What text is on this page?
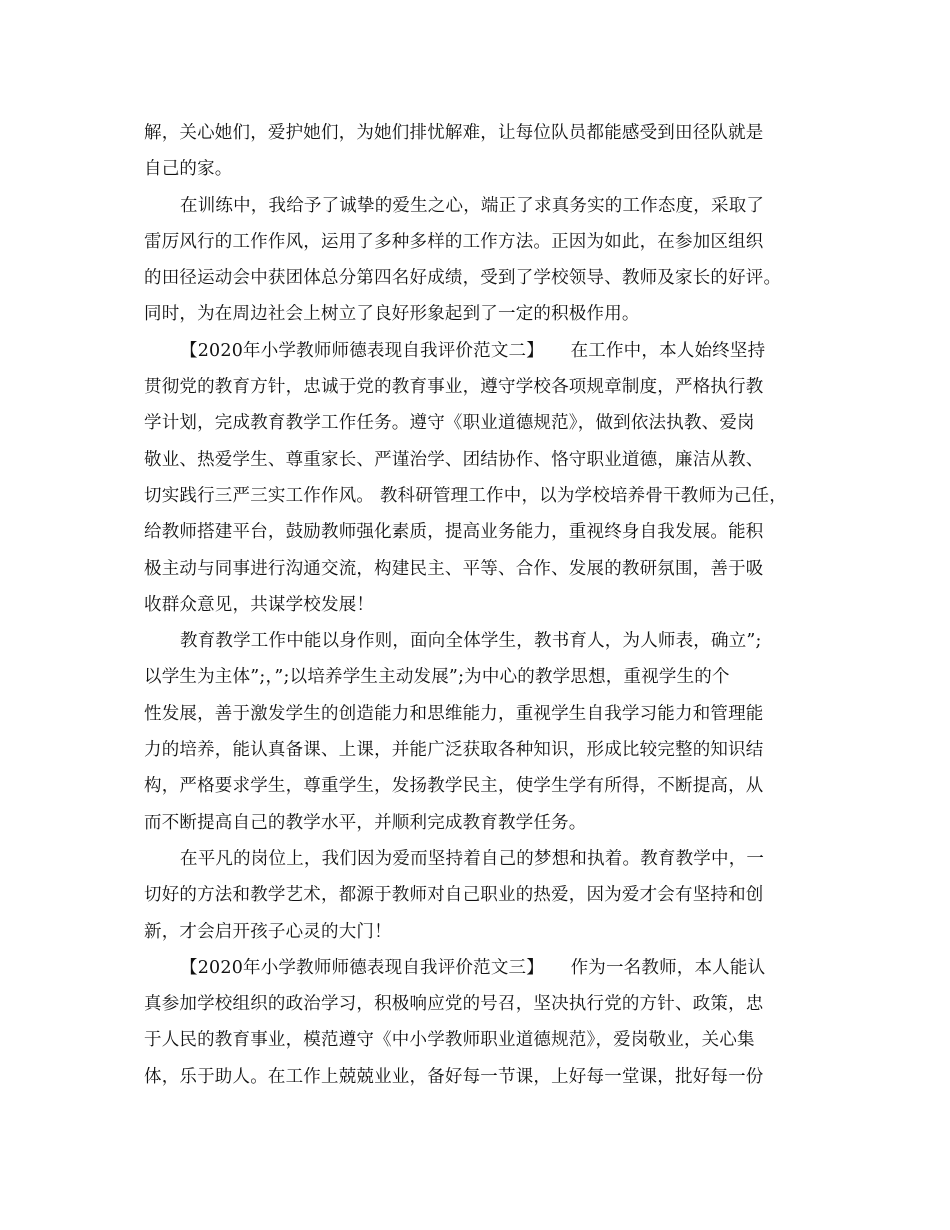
解，关心她们，爱护她们，为她们排忧解难，让每位队员都能感受到田径队就是
自己的家。
在训练中，我给予了诚挚的爱生之心，端正了求真务实的工作态度，采取了
雷厉风行的工作作风，运用了多种多样的工作方法。正因为如此，在参加区组织
的田径运动会中获团体总分第四名好成绩，受到了学校领导、教师及家长的好评。
同时，为在周边社会上树立了良好形象起到了一定的积极作用。
【2020年小学教师师德表现自我评价范文二】　　在工作中，本人始终坚持
贯彻党的教育方针，忠诚于党的教育事业，遵守学校各项规章制度，严格执行教
学计划，完成教育教学工作任务。遵守《职业道德规范》，做到依法执教、爱岗
敬业、热爱学生、尊重家长、严谨治学、团结协作、恪守职业道德，廉洁从教、
切实践行三严三实工作作风。 教科研管理工作中，以为学校培养骨干教师为己任，
给教师搭建平台，鼓励教师强化素质，提高业务能力，重视终身自我发展。能积
极主动与同事进行沟通交流，构建民主、平等、合作、发展的教研氛围，善于吸
收群众意见，共谋学校发展！
教育教学工作中能以身作则，面向全体学生，教书育人，为人师表，确立”;
以学生为主体”;，”;以培养学生主动发展”;为中心的教学思想，重视学生的个
性发展，善于激发学生的创造能力和思维能力，重视学生自我学习能力和管理能
力的培养，能认真备课、上课，并能广泛获取各种知识，形成比较完整的知识结
构，严格要求学生，尊重学生，发扬教学民主，使学生学有所得，不断提高，从
而不断提高自己的教学水平，并顺利完成教育教学任务。
在平凡的岗位上，我们因为爱而坚持着自己的梦想和执着。教育教学中，一
切好的方法和教学艺术，都源于教师对自己职业的热爱，因为爱才会有坚持和创
新，才会启开孩子心灵的大门！
【2020年小学教师师德表现自我评价范文三】　　作为一名教师，本人能认
真参加学校组织的政治学习，积极响应党的号召，坚决执行党的方针、政策，忠
于人民的教育事业，模范遵守《中小学教师职业道德规范》，爱岗敬业，关心集
体，乐于助人。在工作上兢兢业业，备好每一节课，上好每一堂课，批好每一份
